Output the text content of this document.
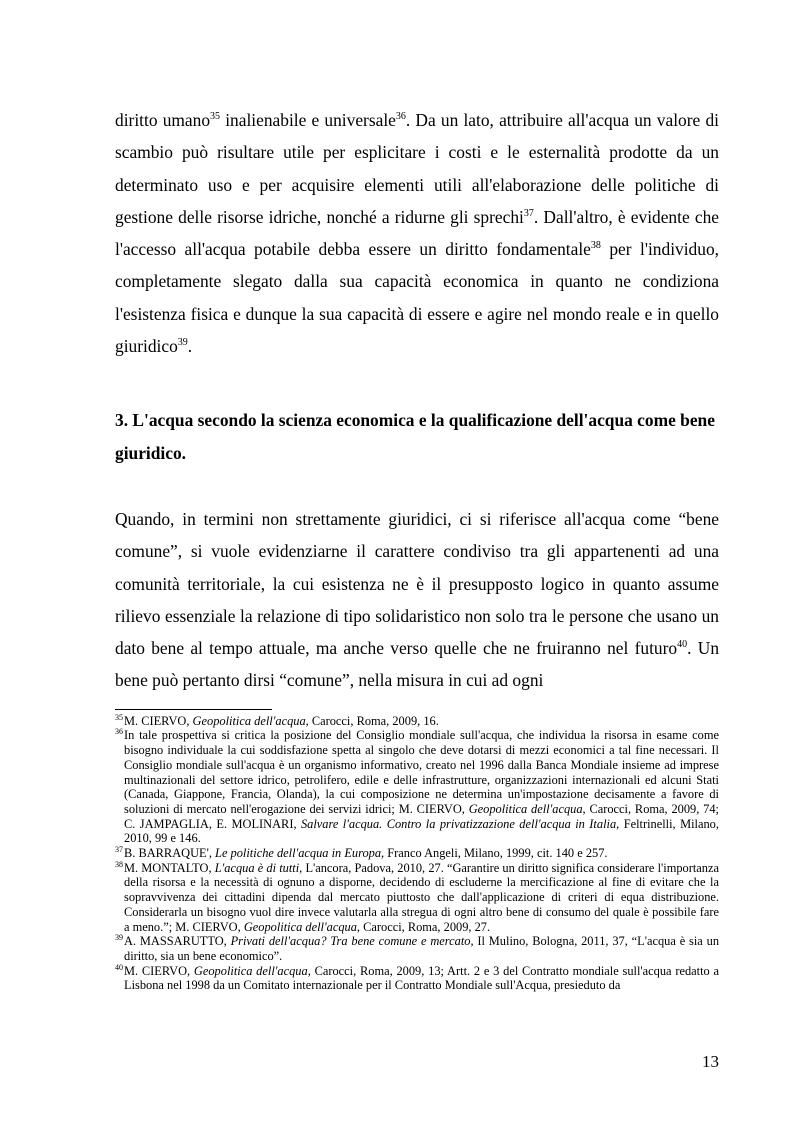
diritto umano$^{35}$ inalienabile e universale$^{36}$. Da un lato, attribuire all'acqua un valore di scambio può risultare utile per esplicitare i costi e le esternalità prodotte da un determinato uso e per acquisire elementi utili all'elaborazione delle politiche di gestione delle risorse idriche, nonché a ridurne gli sprechi$^{37}$. Dall'altro, è evidente che l'accesso all'acqua potabile debba essere un diritto fondamentale$^{38}$ per l'individuo, completamente slegato dalla sua capacità economica in quanto ne condiziona l'esistenza fisica e dunque la sua capacità di essere e agire nel mondo reale e in quello giuridico$^{39}$.

3. L'acqua secondo la scienza economica e la qualificazione dell'acqua come bene giuridico.

Quando, in termini non strettamente giuridici, ci si riferisce all'acqua come “bene comune”, si vuole evidenziarne il carattere condiviso tra gli appartenenti ad una comunità territoriale, la cui esistenza ne è il presupposto logico in quanto assume rilievo essenziale la relazione di tipo solidaristico non solo tra le persone che usano un dato bene al tempo attuale, ma anche verso quelle che ne fruiranno nel futuro$^{40}$. Un bene può pertanto dirsi “comune”, nella misura in cui ad ogni

35 M. CIERVO, Geopolitica dell'acqua, Carocci, Roma, 2009, 16.

36 In tale prospettiva si critica la posizione del Consiglio mondiale sull'acqua, che individua la risorsa in esame come bisogno individuale la cui soddisfazione spetta al singolo che deve dotarsi di mezzi economici a tal fine necessari. Il Consiglio mondiale sull'acqua è un organismo informativo, creato nel 1996 dalla Banca Mondiale insieme ad imprese multinazionali del settore idrico, petrolifero, edile e delle infrastrutture, organizzazioni internazionali ed alcuni Stati (Canada, Giappone, Francia, Olanda), la cui composizione ne determina un'impostazione decisamente a favore di soluzioni di mercato nell'erogazione dei servizi idrici; M. CIERVO, Geopolitica dell'acqua, Carocci, Roma, 2009, 74; C. JAMPAGLIA, E. MOLINARI, Salvare l'acqua. Contro la privatizzazione dell'acqua in Italia, Feltrinelli, Milano, 2010, 99 e 146.

37 B. BARRAQUE', Le politiche dell'acqua in Europa, Franco Angeli, Milano, 1999, cit. 140 e 257.

38 M. MONTALTO, L'acqua è di tutti, L'ancora, Padova, 2010, 27. “Garantire un diritto significa considerare l'importanza della risorsa e la necessità di ognuno a disporne, decidendo di escluderne la mercificazione al fine di evitare che la sopravvivenza dei cittadini dipenda dal mercato piuttosto che dall'applicazione di criteri di equa distribuzione. Considerarla un bisogno vuol dire invece valutarla alla stregua di ogni altro bene di consumo del quale è possibile fare a meno.”; M. CIERVO, Geopolitica dell'acqua, Carocci, Roma, 2009, 27.

39 A. MASSARUTTO, Privati dell'acqua? Tra bene comune e mercato, Il Mulino, Bologna, 2011, 37, “L'acqua è sia un diritto, sia un bene economico”.

40 M. CIERVO, Geopolitica dell'acqua, Carocci, Roma, 2009, 13; Artt. 2 e 3 del Contratto mondiale sull'acqua redatto a Lisbona nel 1998 da un Comitato internazionale per il Contratto Mondiale sull'Acqua, presieduto da

13
